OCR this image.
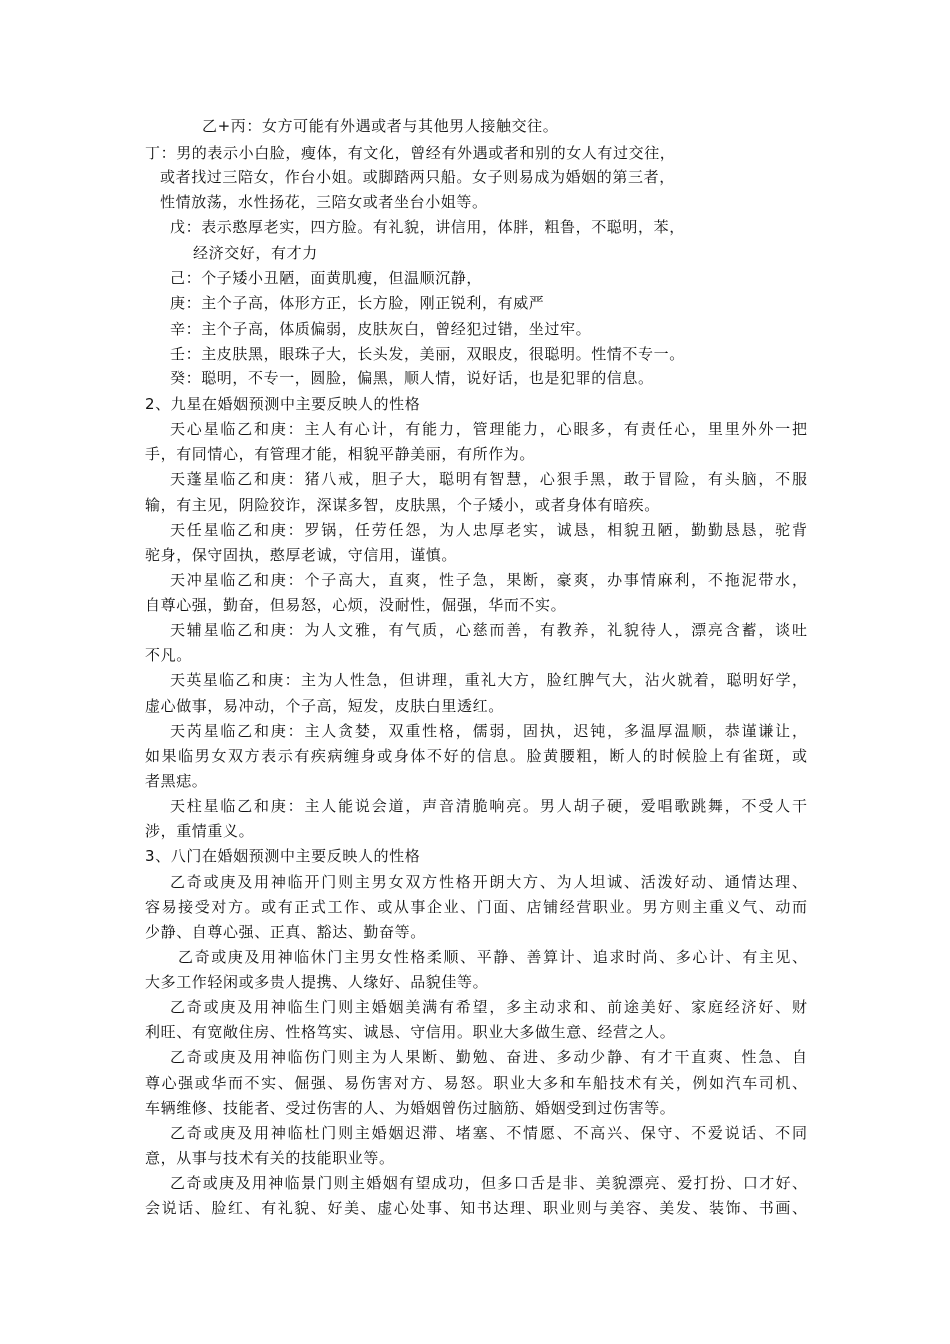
乙+丙：女方可能有外遇或者与其他男人接触交往。
丁：男的表示小白脸，瘦体，有文化，曾经有外遇或者和别的女人有过交往，
或者找过三陪女，作台小姐。或脚踏两只船。女子则易成为婚姻的第三者，
性情放荡，水性扬花，三陪女或者坐台小姐等。
戊：表示憨厚老实，四方脸。有礼貌，讲信用，体胖，粗鲁，不聪明，苯，
经济交好，有才力
己：个子矮小丑陋，面黄肌瘦，但温顺沉静，
庚：主个子高，体形方正，长方脸，刚正锐利，有威严
辛：主个子高，体质偏弱，皮肤灰白，曾经犯过错，坐过牢。
壬：主皮肤黑，眼珠子大，长头发，美丽，双眼皮，很聪明。性情不专一。
癸：聪明，不专一，圆脸，偏黑，顺人情，说好话，也是犯罪的信息。
2、九星在婚姻预测中主要反映人的性格
天心星临乙和庚：主人有心计，有能力，管理能力，心眼多，有责任心，里里外外一把
手，有同情心，有管理才能，相貌平静美丽，有所作为。
天蓬星临乙和庚：猪八戒，胆子大，聪明有智慧，心狠手黑，敢于冒险，有头脑，不服
输，有主见，阴险狡诈，深谋多智，皮肤黑，个子矮小，或者身体有暗疾。
天任星临乙和庚：罗锅，任劳任怨，为人忠厚老实，诚恳，相貌丑陋，勤勤恳恳，驼背
驼身，保守固执，憨厚老诚，守信用，谨慎。
天冲星临乙和庚：个子高大，直爽，性子急，果断，豪爽，办事情麻利，不拖泥带水，
自尊心强，勤奋，但易怒，心烦，没耐性，倔强，华而不实。
天辅星临乙和庚：为人文雅，有气质，心慈而善，有教养，礼貌待人，漂亮含蓄，谈吐
不凡。
天英星临乙和庚：主为人性急，但讲理，重礼大方，脸红脾气大，沾火就着，聪明好学，
虚心做事，易冲动，个子高，短发，皮肤白里透红。
天芮星临乙和庚：主人贪婪，双重性格，儒弱，固执，迟钝，多温厚温顺，恭谨谦让，
如果临男女双方表示有疾病缠身或身体不好的信息。脸黄腰粗，断人的时候脸上有雀斑，或
者黑痣。
天柱星临乙和庚：主人能说会道，声音清脆响亮。男人胡子硬，爱唱歌跳舞，不受人干
涉，重情重义。
3、八门在婚姻预测中主要反映人的性格
乙奇或庚及用神临开门则主男女双方性格开朗大方、为人坦诚、活泼好动、通情达理、
容易接受对方。或有正式工作、或从事企业、门面、店铺经营职业。男方则主重义气、动而
少静、自尊心强、正真、豁达、勤奋等。
乙奇或庚及用神临休门主男女性格柔顺、平静、善算计、追求时尚、多心计、有主见、
大多工作轻闲或多贵人提携、人缘好、品貌佳等。
乙奇或庚及用神临生门则主婚姻美满有希望，多主动求和、前途美好、家庭经济好、财
利旺、有宽敞住房、性格笃实、诚恳、守信用。职业大多做生意、经营之人。
乙奇或庚及用神临伤门则主为人果断、勤勉、奋进、多动少静、有才干直爽、性急、自
尊心强或华而不实、倔强、易伤害对方、易怒。职业大多和车船技术有关，例如汽车司机、
车辆维修、技能者、受过伤害的人、为婚姻曾伤过脑筋、婚姻受到过伤害等。
乙奇或庚及用神临杜门则主婚姻迟滞、堵塞、不情愿、不高兴、保守、不爱说话、不同
意，从事与技术有关的技能职业等。
乙奇或庚及用神临景门则主婚姻有望成功，但多口舌是非、美貌漂亮、爱打扮、口才好、
会说话、脸红、有礼貌、好美、虚心处事、知书达理、职业则与美容、美发、装饰、书画、
